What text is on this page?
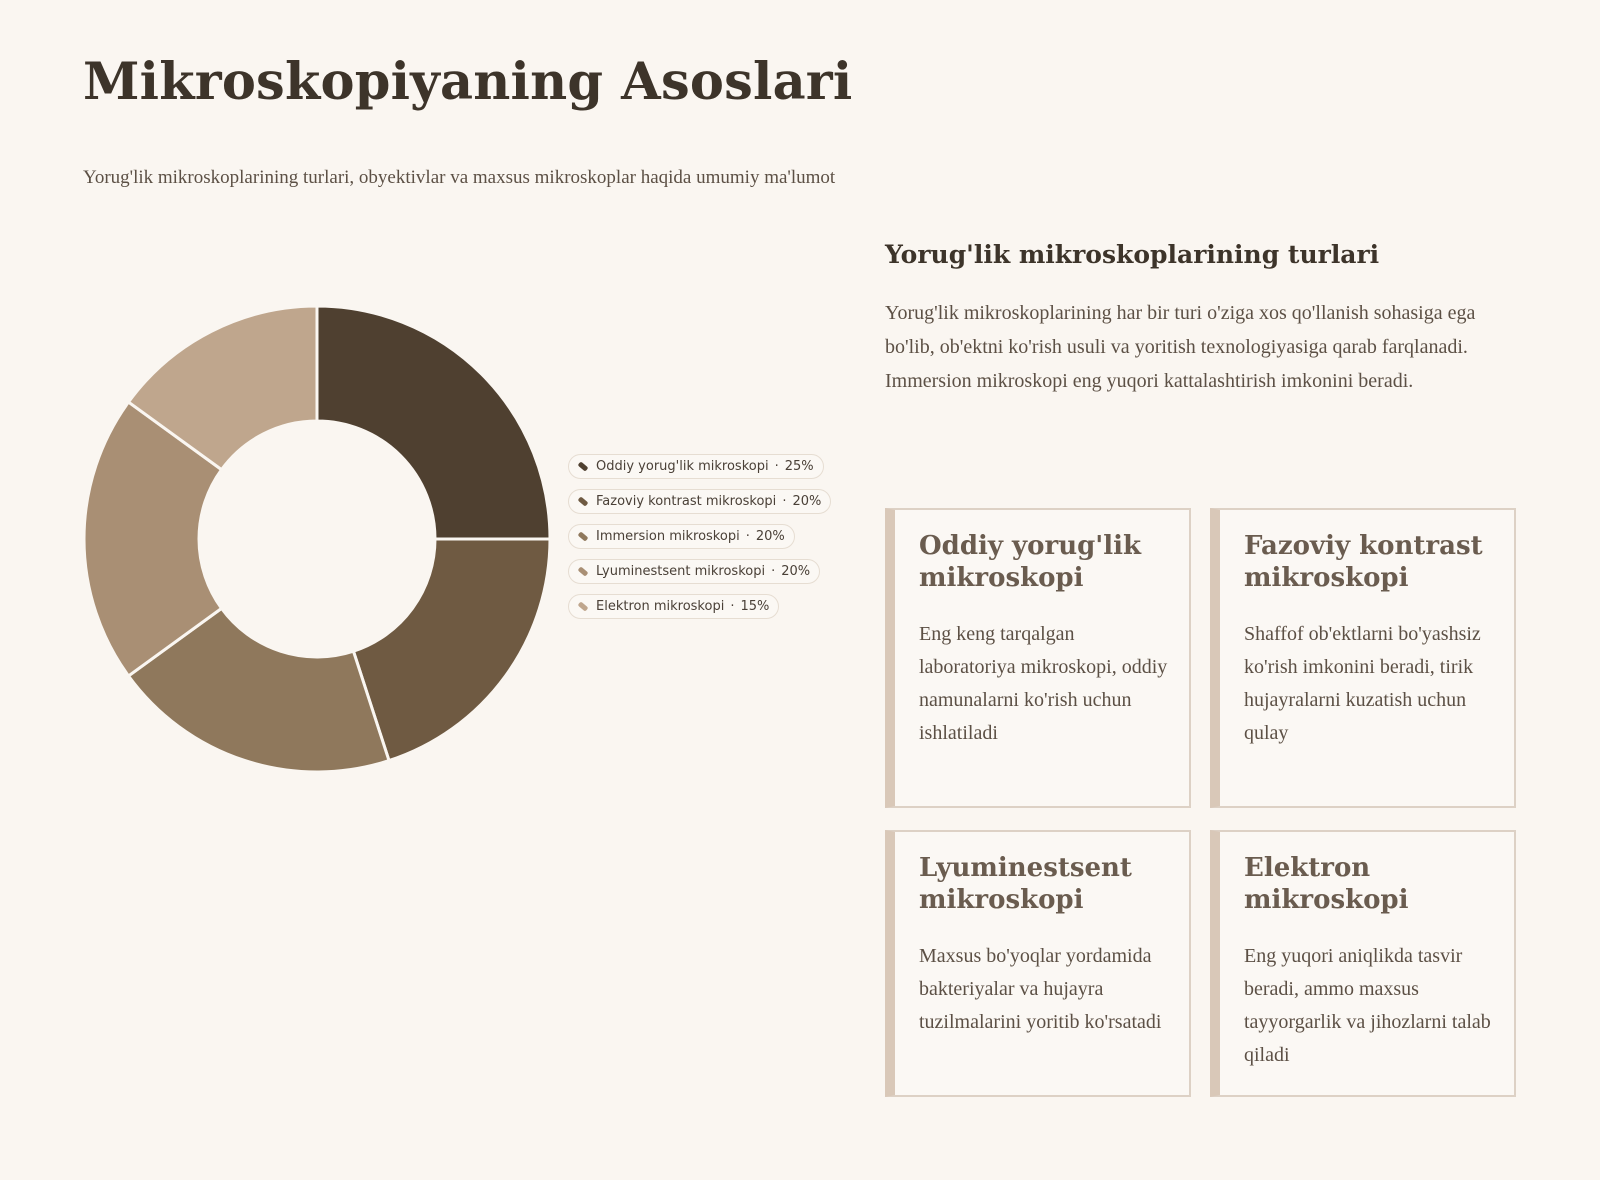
Mikroskopiyaning Asoslari

Yorug'lik mikroskoplarining turlari, obyektivlar va maxsus mikroskoplar haqida umumiy ma'lumot

Oddiy yorug'lik mikroskopi · 25%
Fazoviy kontrast mikroskopi · 20%
Immersion mikroskopi · 20%
Lyuminestsent mikroskopi · 20%
Elektron mikroskopi · 15%
Yorug'lik mikroskoplarining turlari

Yorug'lik mikroskoplarining har bir turi o'ziga xos qo'llanish sohasiga ega bo'lib, ob'ektni ko'rish usuli va yoritish texnologiyasiga qarab farqlanadi. Immersion mikroskopi eng yuqori kattalashtirish imkonini beradi.

Oddiy yorug'lik mikroskopi
Eng keng tarqalgan laboratoriya mikroskopi, oddiy namunalarni ko'rish uchun ishlatiladi
Fazoviy kontrast mikroskopi
Shaffof ob'ektlarni bo'yashsiz ko'rish imkonini beradi, tirik hujayralarni kuzatish uchun qulay
Lyuminestsent mikroskopi
Maxsus bo'yoqlar yordamida bakteriyalar va hujayra tuzilmalarini yoritib ko'rsatadi
Elektron mikroskopi
Eng yuqori aniqlikda tasvir beradi, ammo maxsus tayyorgarlik va jihozlarni talab qiladi
